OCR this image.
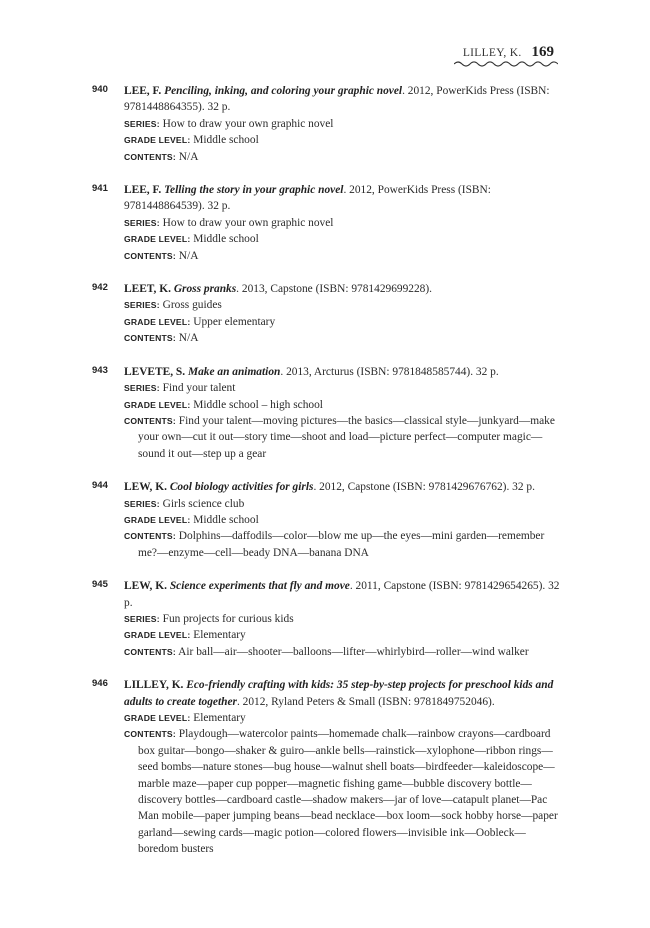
LILLEY, K. 169
940 LEE, F. Penciling, inking, and coloring your graphic novel. 2012, PowerKids Press (ISBN: 9781448864355). 32 p.
SERIES: How to draw your own graphic novel
GRADE LEVEL: Middle school
CONTENTS: N/A
941 LEE, F. Telling the story in your graphic novel. 2012, PowerKids Press (ISBN: 9781448864539). 32 p.
SERIES: How to draw your own graphic novel
GRADE LEVEL: Middle school
CONTENTS: N/A
942 LEET, K. Gross pranks. 2013, Capstone (ISBN: 9781429699228).
SERIES: Gross guides
GRADE LEVEL: Upper elementary
CONTENTS: N/A
943 LEVETE, S. Make an animation. 2013, Arcturus (ISBN: 9781848585744). 32 p.
SERIES: Find your talent
GRADE LEVEL: Middle school – high school
CONTENTS: Find your talent—moving pictures—the basics—classical style—junkyard—make your own—cut it out—story time—shoot and load—picture perfect—computer magic—sound it out—step up a gear
944 LEW, K. Cool biology activities for girls. 2012, Capstone (ISBN: 9781429676762). 32 p.
SERIES: Girls science club
GRADE LEVEL: Middle school
CONTENTS: Dolphins—daffodils—color—blow me up—the eyes—mini garden—remember me?—enzyme—cell—beady DNA—banana DNA
945 LEW, K. Science experiments that fly and move. 2011, Capstone (ISBN: 9781429654265). 32 p.
SERIES: Fun projects for curious kids
GRADE LEVEL: Elementary
CONTENTS: Air ball—air—shooter—balloons—lifter—whirlybird—roller—wind walker
946 LILLEY, K. Eco-friendly crafting with kids: 35 step-by-step projects for preschool kids and adults to create together. 2012, Ryland Peters & Small (ISBN: 9781849752046).
GRADE LEVEL: Elementary
CONTENTS: Playdough—watercolor paints—homemade chalk—rainbow crayons—cardboard box guitar—bongo—shaker & guiro—ankle bells—rainstick—xylophone—ribbon rings—seed bombs—nature stones—bug house—walnut shell boats—birdfeeder—kaleidoscope—marble maze—paper cup popper—magnetic fishing game—bubble discovery bottle—discovery bottles—cardboard castle—shadow makers—jar of love—catapult planet—Pac Man mobile—paper jumping beans—bead necklace—box loom—sock hobby horse—paper garland—sewing cards—magic potion—colored flowers—invisible ink—Oobleck—boredom busters
